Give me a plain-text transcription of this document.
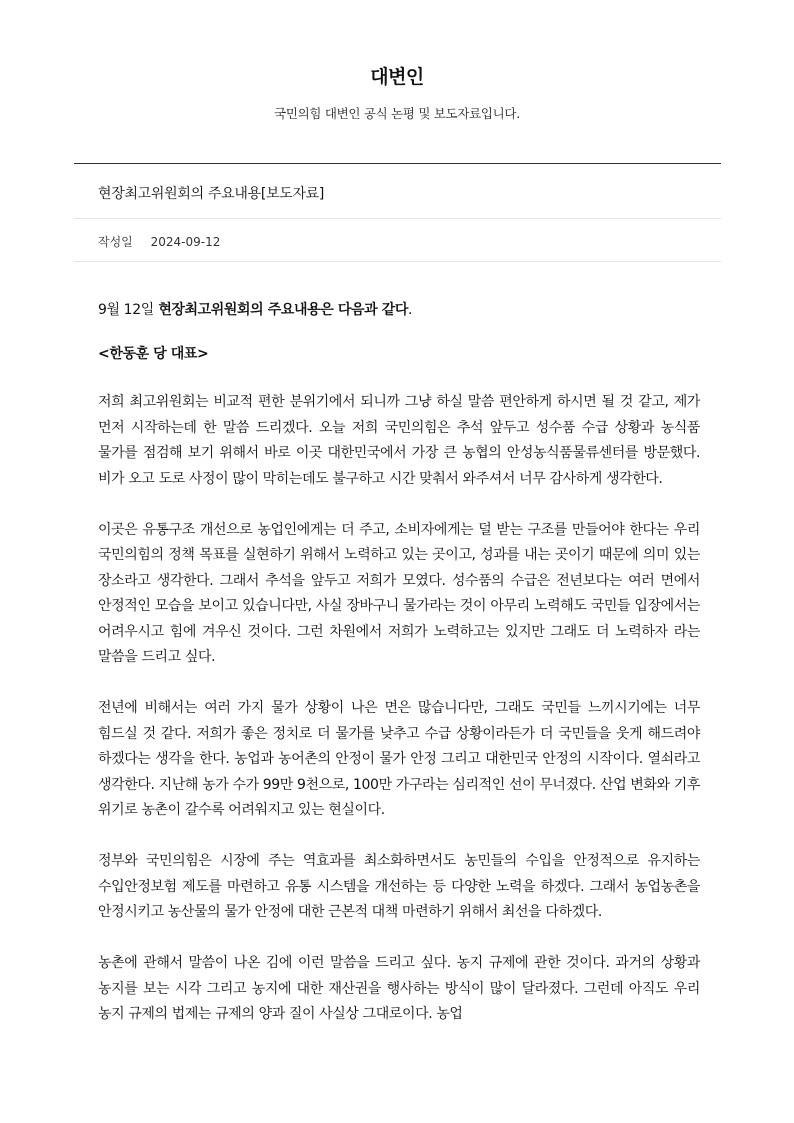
대변인
국민의힘 대변인 공식 논평 및 보도자료입니다.
현장최고위원회의 주요내용[보도자료]
작성일 2024-09-12

9월 12일 현장최고위원회의 주요내용은 다음과 같다.

<한동훈 당 대표>

저희 최고위원회는 비교적 편한 분위기에서 되니까 그냥 하실 말씀 편안하게 하시면 될 것 같고, 제가 먼저 시작하는데 한 말씀 드리겠다. 오늘 저희 국민의힘은 추석 앞두고 성수품 수급 상황과 농식품 물가를 점검해 보기 위해서 바로 이곳 대한민국에서 가장 큰 농협의 안성농식품물류센터를 방문했다. 비가 오고 도로 사정이 많이 막히는데도 불구하고 시간 맞춰서 와주셔서 너무 감사하게 생각한다.

이곳은 유통구조 개선으로 농업인에게는 더 주고, 소비자에게는 덜 받는 구조를 만들어야 한다는 우리 국민의힘의 정책 목표를 실현하기 위해서 노력하고 있는 곳이고, 성과를 내는 곳이기 때문에 의미 있는 장소라고 생각한다. 그래서 추석을 앞두고 저희가 모였다. 성수품의 수급은 전년보다는 여러 면에서 안정적인 모습을 보이고 있습니다만, 사실 장바구니 물가라는 것이 아무리 노력해도 국민들 입장에서는 어려우시고 힘에 겨우신 것이다. 그런 차원에서 저희가 노력하고는 있지만 그래도 더 노력하자 라는 말씀을 드리고 싶다.

전년에 비해서는 여러 가지 물가 상황이 나은 면은 많습니다만, 그래도 국민들 느끼시기에는 너무 힘드실 것 같다. 저희가 좋은 정치로 더 물가를 낮추고 수급 상황이라든가 더 국민들을 웃게 해드려야 하겠다는 생각을 한다. 농업과 농어촌의 안정이 물가 안정 그리고 대한민국 안정의 시작이다. 열쇠라고 생각한다. 지난해 농가 수가 99만 9천으로, 100만 가구라는 심리적인 선이 무너졌다. 산업 변화와 기후 위기로 농촌이 갈수록 어려워지고 있는 현실이다.

정부와 국민의힘은 시장에 주는 역효과를 최소화하면서도 농민들의 수입을 안정적으로 유지하는 수입안정보험 제도를 마련하고 유통 시스템을 개선하는 등 다양한 노력을 하겠다. 그래서 농업농촌을 안정시키고 농산물의 물가 안정에 대한 근본적 대책 마련하기 위해서 최선을 다하겠다.

농촌에 관해서 말씀이 나온 김에 이런 말씀을 드리고 싶다. 농지 규제에 관한 것이다. 과거의 상황과 농지를 보는 시각 그리고 농지에 대한 재산권을 행사하는 방식이 많이 달라졌다. 그런데 아직도 우리 농지 규제의 법제는 규제의 양과 질이 사실상 그대로이다. 농업
